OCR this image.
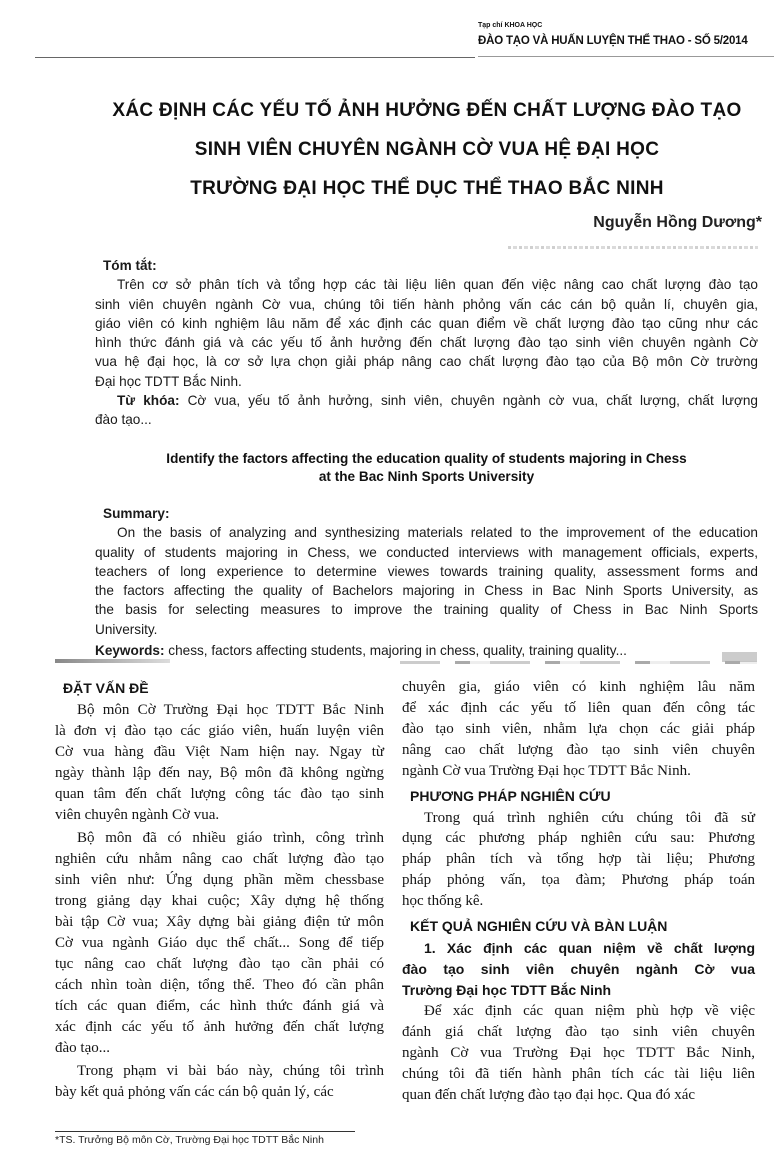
Tạp chí KHOA HỌC
ĐÀO TẠO VÀ HUẤN LUYỆN THỂ THAO - SỐ 5/2014
XÁC ĐỊNH CÁC YẾU TỐ ẢNH HƯỞNG ĐẾN CHẤT LƯỢNG ĐÀO TẠO
SINH VIÊN CHUYÊN NGÀNH CỜ VUA HỆ ĐẠI HỌC
TRƯỜNG ĐẠI HỌC THỂ DỤC THỂ THAO BẮC NINH
Nguyễn Hồng Dương*
Tóm tắt:
Trên cơ sở phân tích và tổng hợp các tài liệu liên quan đến việc nâng cao chất lượng đào tạo
sinh viên chuyên ngành Cờ vua, chúng tôi tiến hành phỏng vấn các cán bộ quản lí, chuyên gia,
giáo viên có kinh nghiệm lâu năm để xác định các quan điểm về chất lượng đào tạo cũng như các
hình thức đánh giá và các yếu tố ảnh hưởng đến chất lượng đào tạo sinh viên chuyên ngành Cờ
vua hệ đại học, là cơ sở lựa chọn giải pháp nâng cao chất lượng đào tạo của Bộ môn Cờ trường
Đại học TDTT Bắc Ninh.
Từ khóa: Cờ vua, yếu tố ảnh hưởng, sinh viên, chuyên ngành cờ vua, chất lượng, chất lượng
đào tạo...
Identify the factors affecting the education quality of students majoring in Chess
at the Bac Ninh Sports University
Summary:
On the basis of analyzing and synthesizing materials related to the improvement of the education
quality of students majoring in Chess, we conducted interviews with management officials, experts,
teachers of long experience to determine viewes towards training quality, assessment forms and
the factors affecting the quality of Bachelors majoring in Chess in Bac Ninh Sports University, as
the basis for selecting measures to improve the training quality of Chess in Bac Ninh Sports
University.
Keywords: chess, factors affecting students, majoring in chess, quality, training quality...
ĐẶT VẤN ĐỀ
Bộ môn Cờ Trường Đại học TDTT Bắc Ninh
là đơn vị đào tạo các giáo viên, huấn luyện viên
Cờ vua hàng đầu Việt Nam hiện nay. Ngay từ
ngày thành lập đến nay, Bộ môn đã không ngừng
quan tâm đến chất lượng công tác đào tạo sinh
viên chuyên ngành Cờ vua.
Bộ môn đã có nhiều giáo trình, công trình
nghiên cứu nhằm nâng cao chất lượng đào tạo
sinh viên như: Ứng dụng phần mềm chessbase
trong giảng dạy khai cuộc; Xây dựng hệ thống
bài tập Cờ vua; Xây dựng bài giảng điện tử môn
Cờ vua ngành Giáo dục thể chất... Song để tiếp
tục nâng cao chất lượng đào tạo cần phải có
cách nhìn toàn diện, tổng thể. Theo đó cần phân
tích các quan điểm, các hình thức đánh giá và
xác định các yếu tố ảnh hưởng đến chất lượng
đào tạo...
Trong phạm vi bài báo này, chúng tôi trình
bày kết quả phỏng vấn các cán bộ quản lý, các
chuyên gia, giáo viên có kinh nghiệm lâu năm
để xác định các yếu tố liên quan đến công tác
đào tạo sinh viên, nhằm lựa chọn các giải pháp
nâng cao chất lượng đào tạo sinh viên chuyên
ngành Cờ vua Trường Đại học TDTT Bắc Ninh.
PHƯƠNG PHÁP NGHIÊN CỨU
Trong quá trình nghiên cứu chúng tôi đã sử
dụng các phương pháp nghiên cứu sau: Phương
pháp phân tích và tổng hợp tài liệu; Phương
pháp phỏng vấn, tọa đàm; Phương pháp toán
học thống kê.
KẾT QUẢ NGHIÊN CỨU VÀ BÀN LUẬN
1. Xác định các quan niệm về chất lượng
đào tạo sinh viên chuyên ngành Cờ vua
Trường Đại học TDTT Bắc Ninh
Để xác định các quan niệm phù hợp về việc
đánh giá chất lượng đào tạo sinh viên chuyên
ngành Cờ vua Trường Đại học TDTT Bắc Ninh,
chúng tôi đã tiến hành phân tích các tài liệu liên
quan đến chất lượng đào tạo đại học. Qua đó xác
*TS. Trưởng Bộ môn Cờ, Trường Đại học TDTT Bắc Ninh
